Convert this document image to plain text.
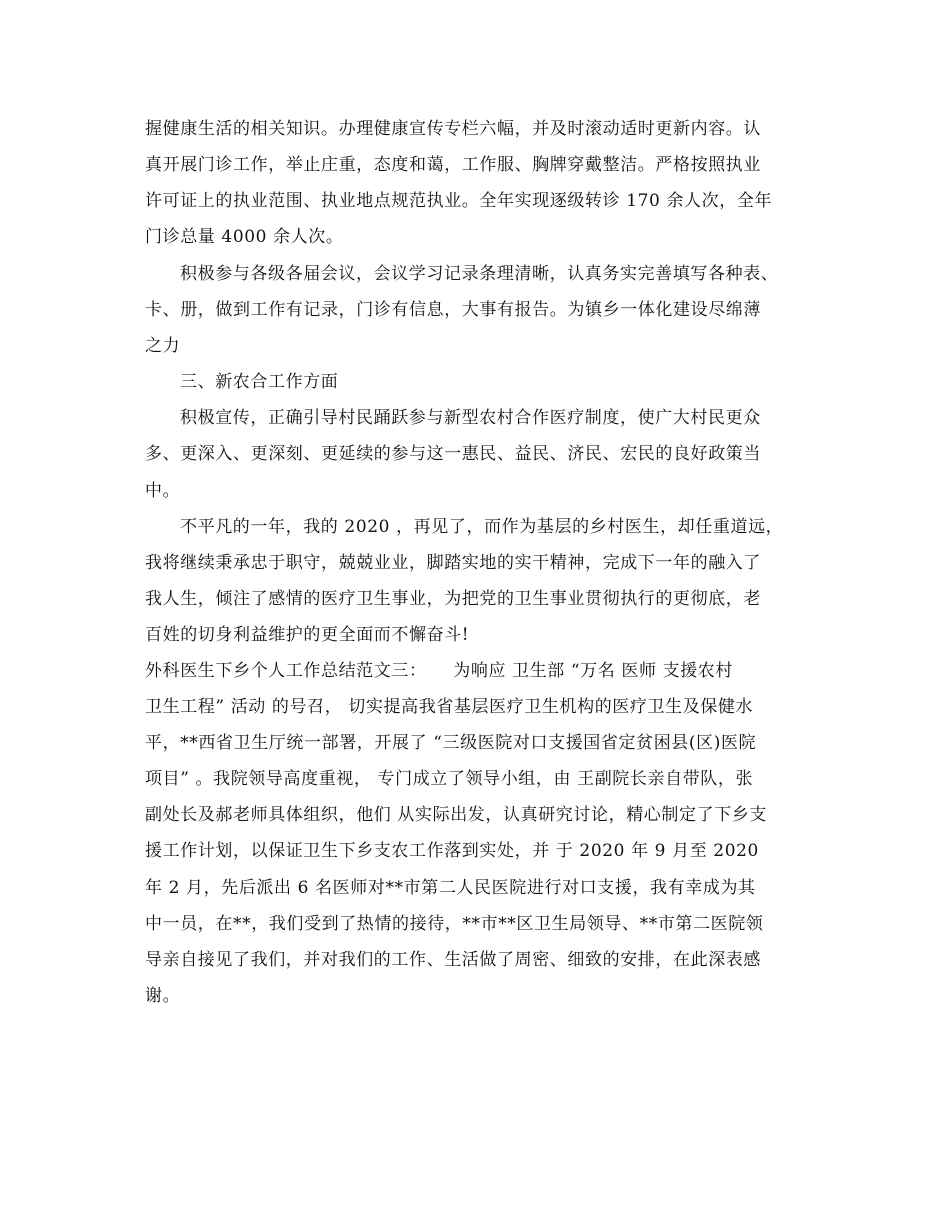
握健康生活的相关知识。办理健康宣传专栏六幅，并及时滚动适时更新内容。认
真开展门诊工作，举止庄重，态度和蔼，工作服、胸牌穿戴整洁。严格按照执业
许可证上的执业范围、执业地点规范执业。全年实现逐级转诊 170 余人次，全年
门诊总量 4000 余人次。
积极参与各级各届会议，会议学习记录条理清晰，认真务实完善填写各种表、
卡、册，做到工作有记录，门诊有信息，大事有报告。为镇乡一体化建设尽绵薄
之力
三、新农合工作方面
积极宣传，正确引导村民踊跃参与新型农村合作医疗制度，使广大村民更众
多、更深入、更深刻、更延续的参与这一惠民、益民、济民、宏民的良好政策当
中。
不平凡的一年，我的 2020 ，再见了，而作为基层的乡村医生，却任重道远，
我将继续秉承忠于职守，兢兢业业，脚踏实地的实干精神，完成下一年的融入了
我人生，倾注了感情的医疗卫生事业，为把党的卫生事业贯彻执行的更彻底，老
百姓的切身利益维护的更全面而不懈奋斗!
外科医生下乡个人工作总结范文三：　　为响应 卫生部 “万名 医师 支援农村
卫生工程” 活动 的号召， 切实提高我省基层医疗卫生机构的医疗卫生及保健水
平，**西省卫生厅统一部署，开展了 “三级医院对口支援国省定贫困县(区)医院
项目” 。我院领导高度重视， 专门成立了领导小组，由 王副院长亲自带队，张
副处长及郝老师具体组织，他们 从实际出发，认真研究讨论，精心制定了下乡支
援工作计划，以保证卫生下乡支农工作落到实处，并 于 2020 年 9 月至 2020
年 2 月，先后派出 6 名医师对**市第二人民医院进行对口支援，我有幸成为其
中一员，在**，我们受到了热情的接待，**市**区卫生局领导、**市第二医院领
导亲自接见了我们，并对我们的工作、生活做了周密、细致的安排，在此深表感
谢。
